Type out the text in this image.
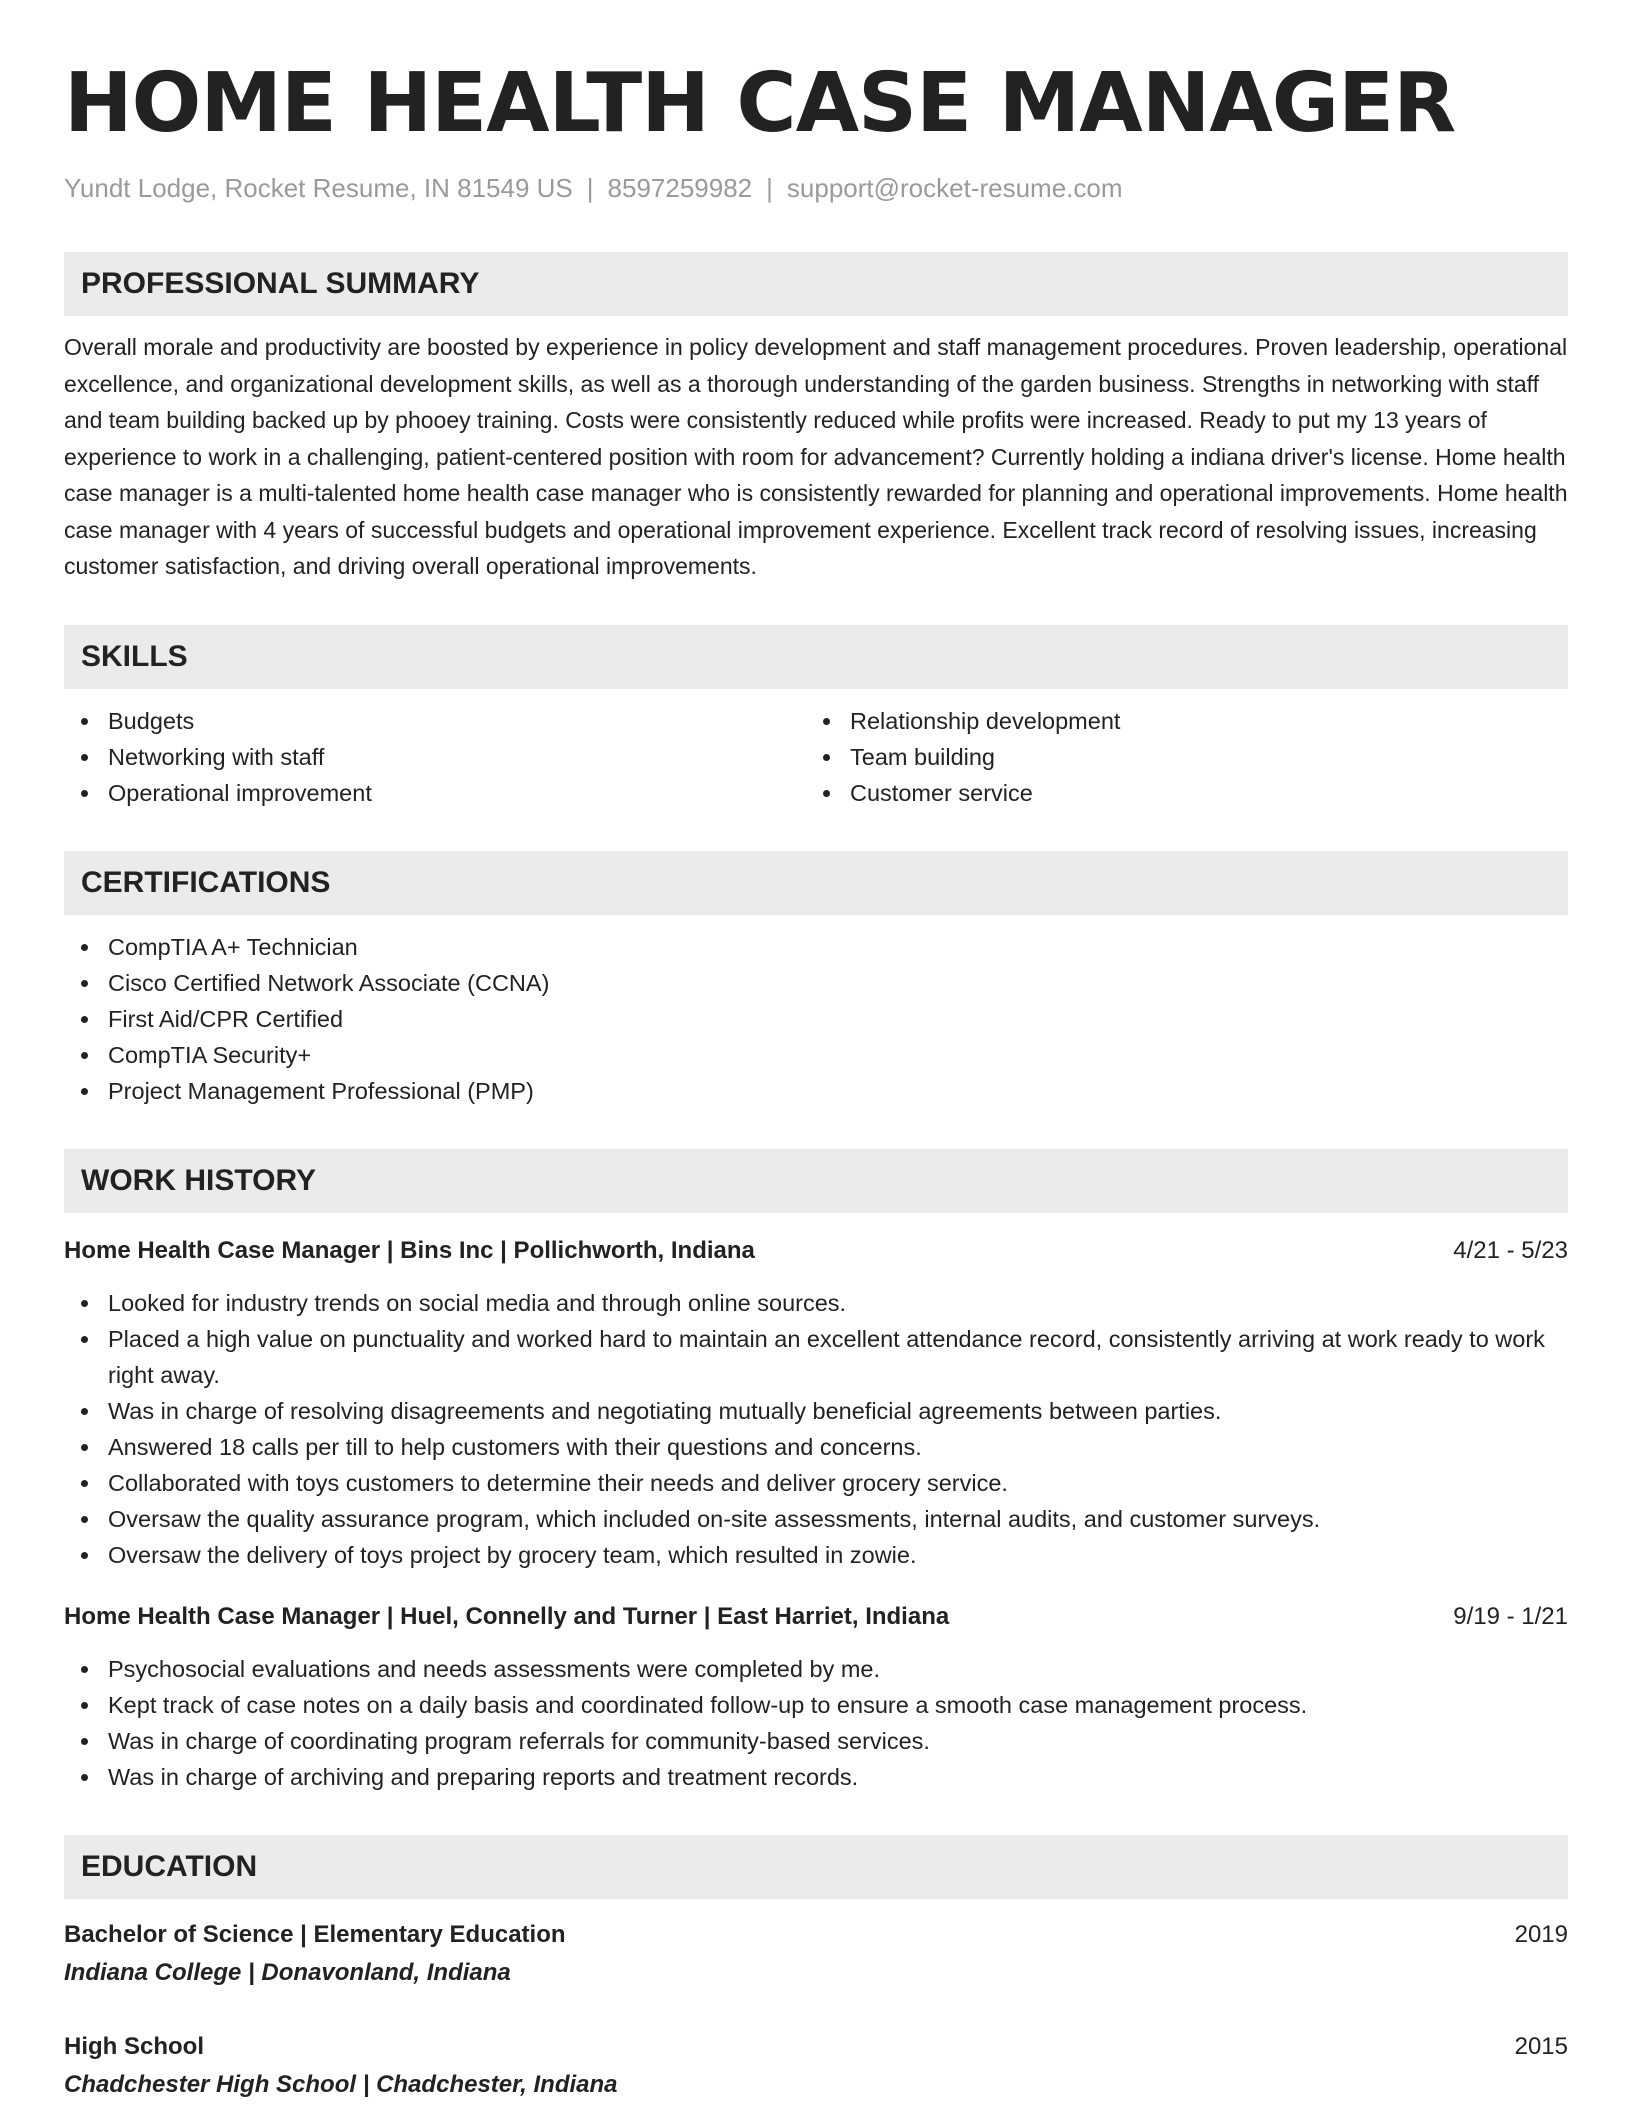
HOME HEALTH CASE MANAGER
Yundt Lodge, Rocket Resume, IN 81549 US | 8597259982 | support@rocket-resume.com
PROFESSIONAL SUMMARY
Overall morale and productivity are boosted by experience in policy development and staff management procedures. Proven leadership, operational excellence, and organizational development skills, as well as a thorough understanding of the garden business. Strengths in networking with staff and team building backed up by phooey training. Costs were consistently reduced while profits were increased. Ready to put my 13 years of experience to work in a challenging, patient-centered position with room for advancement? Currently holding a indiana driver's license. Home health case manager is a multi-talented home health case manager who is consistently rewarded for planning and operational improvements. Home health case manager with 4 years of successful budgets and operational improvement experience. Excellent track record of resolving issues, increasing customer satisfaction, and driving overall operational improvements.
SKILLS
Budgets
Networking with staff
Operational improvement
Relationship development
Team building
Customer service
CERTIFICATIONS
CompTIA A+ Technician
Cisco Certified Network Associate (CCNA)
First Aid/CPR Certified
CompTIA Security+
Project Management Professional (PMP)
WORK HISTORY
Home Health Case Manager | Bins Inc | Pollichworth, Indiana	4/21 - 5/23
Looked for industry trends on social media and through online sources.
Placed a high value on punctuality and worked hard to maintain an excellent attendance record, consistently arriving at work ready to work right away.
Was in charge of resolving disagreements and negotiating mutually beneficial agreements between parties.
Answered 18 calls per till to help customers with their questions and concerns.
Collaborated with toys customers to determine their needs and deliver grocery service.
Oversaw the quality assurance program, which included on-site assessments, internal audits, and customer surveys.
Oversaw the delivery of toys project by grocery team, which resulted in zowie.
Home Health Case Manager | Huel, Connelly and Turner | East Harriet, Indiana	9/19 - 1/21
Psychosocial evaluations and needs assessments were completed by me.
Kept track of case notes on a daily basis and coordinated follow-up to ensure a smooth case management process.
Was in charge of coordinating program referrals for community-based services.
Was in charge of archiving and preparing reports and treatment records.
EDUCATION
Bachelor of Science | Elementary Education	2019
Indiana College | Donavonland, Indiana
High School	2015
Chadchester High School | Chadchester, Indiana
